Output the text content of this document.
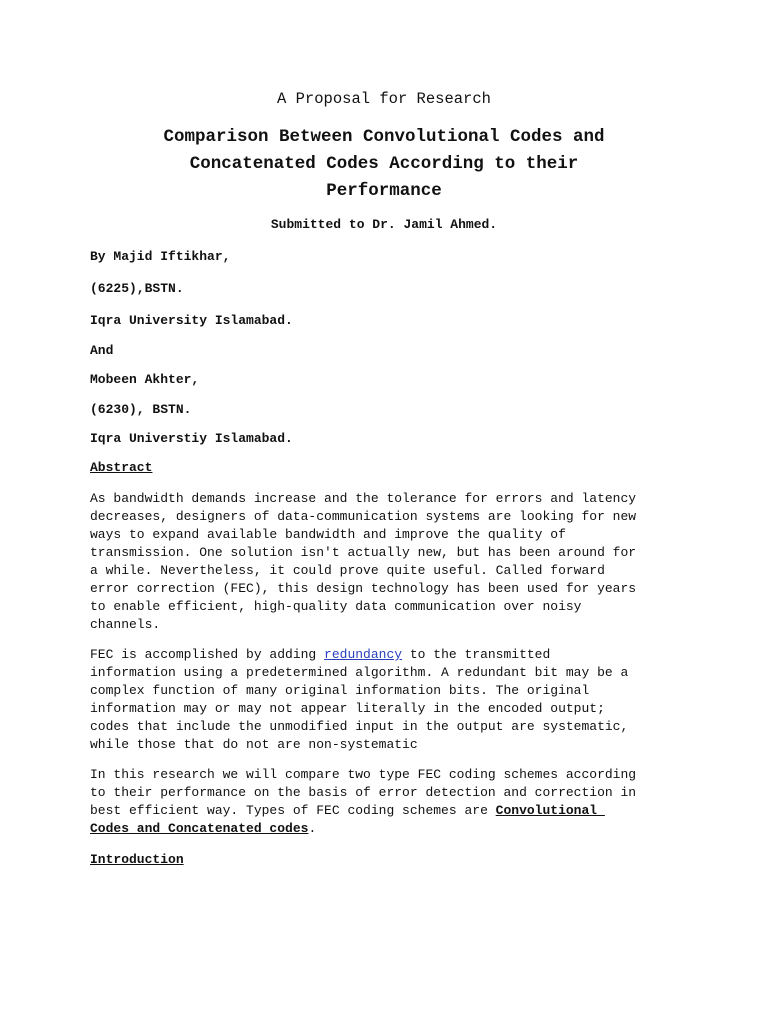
A Proposal for Research
Comparison Between Convolutional Codes and
Concatenated Codes According to their
Performance
Submitted to Dr. Jamil Ahmed.
By Majid Iftikhar,
(6225),BSTN.
Iqra University Islamabad.
And
Mobeen Akhter,
(6230), BSTN.
Iqra Universtiy Islamabad.
Abstract

As bandwidth demands increase and the tolerance for errors and latency
decreases, designers of data-communication systems are looking for new
ways to expand available bandwidth and improve the quality of
transmission. One solution isn't actually new, but has been around for
a while. Nevertheless, it could prove quite useful. Called forward
error correction (FEC), this design technology has been used for years
to enable efficient, high-quality data communication over noisy
channels.

FEC is accomplished by adding redundancy to the transmitted
information using a predetermined algorithm. A redundant bit may be a
complex function of many original information bits. The original
information may or may not appear literally in the encoded output;
codes that include the unmodified input in the output are systematic,
while those that do not are non-systematic

In this research we will compare two type FEC coding schemes according
to their performance on the basis of error detection and correction in
best efficient way. Types of FEC coding schemes are Convolutional
Codes and Concatenated codes.

Introduction
